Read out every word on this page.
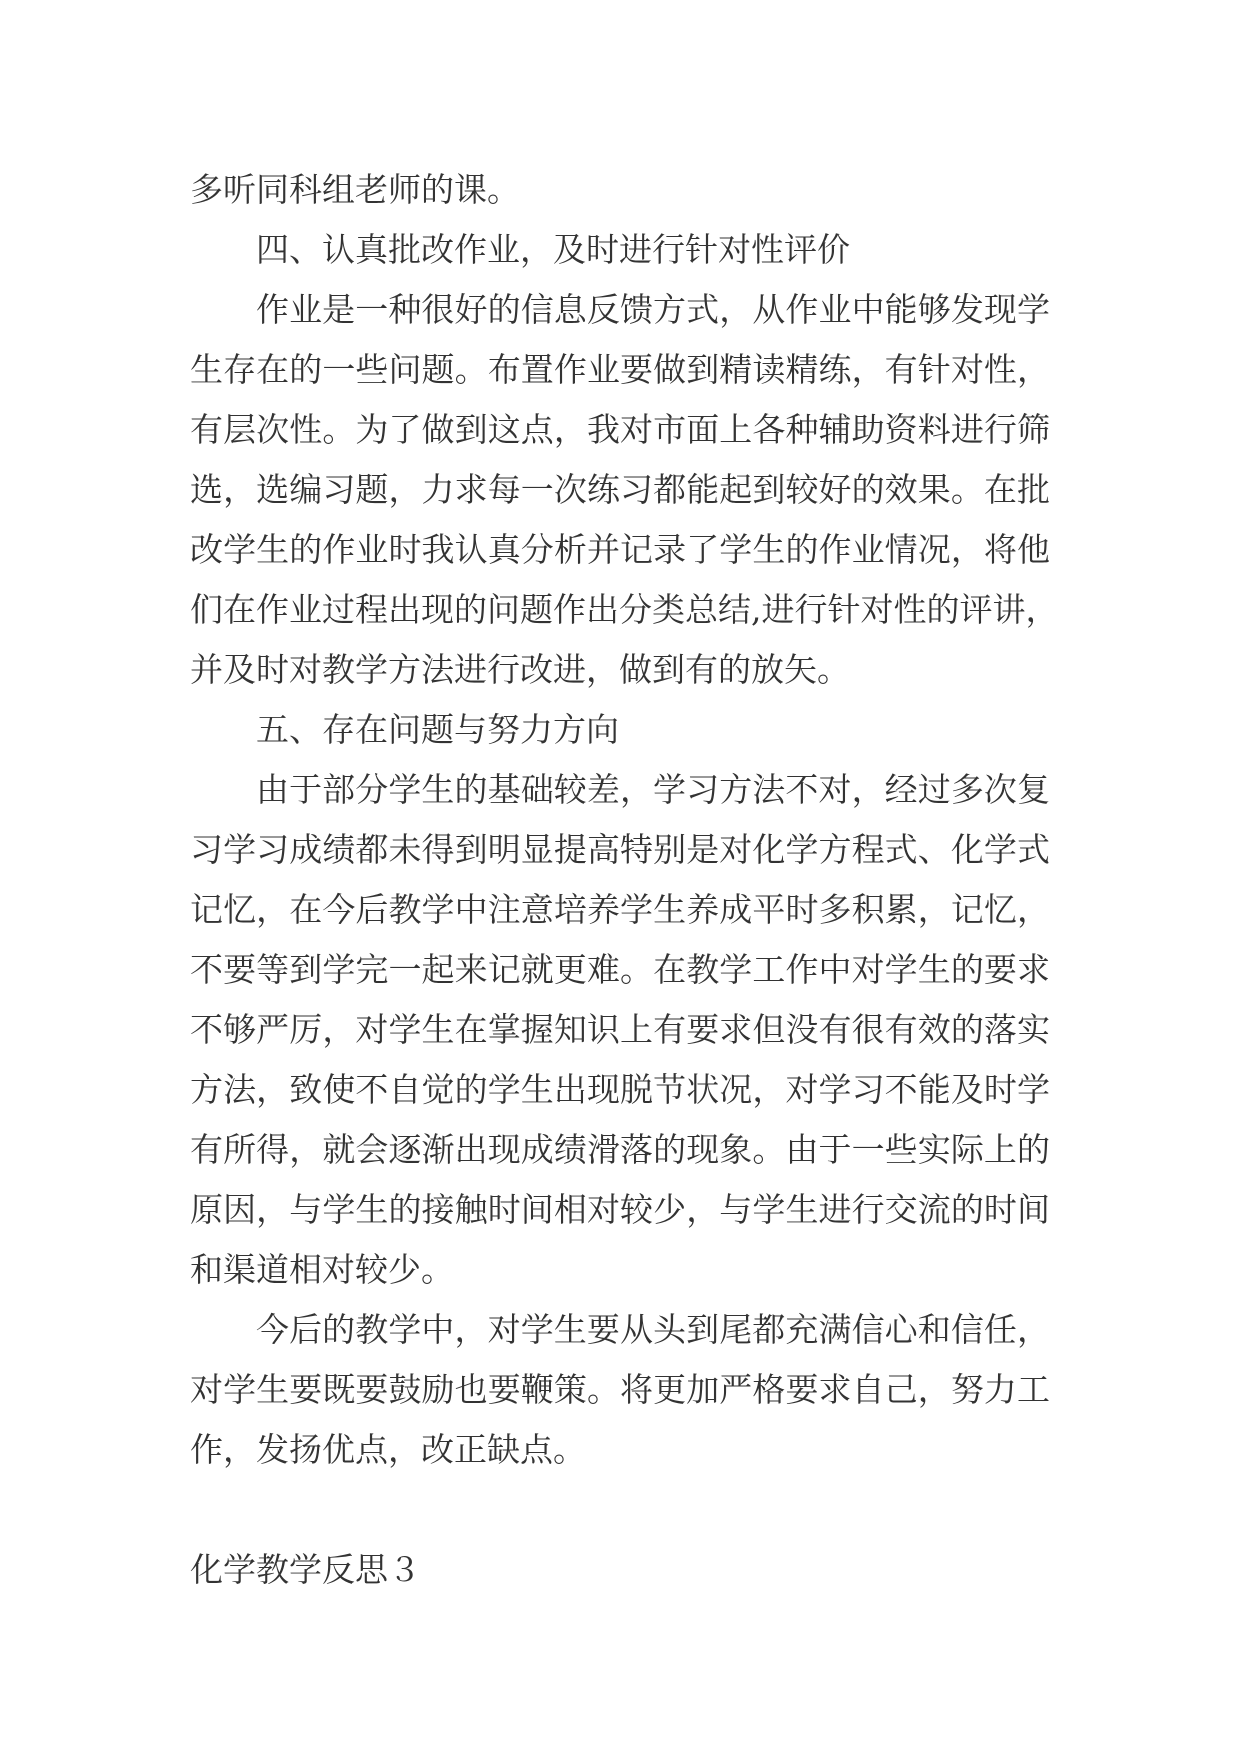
多听同科组老师的课。
四、认真批改作业，及时进行针对性评价
作业是一种很好的信息反馈方式，从作业中能够发现学
生存在的一些问题。布置作业要做到精读精练，有针对性，
有层次性。为了做到这点，我对市面上各种辅助资料进行筛
选，选编习题，力求每一次练习都能起到较好的效果。在批
改学生的作业时我认真分析并记录了学生的作业情况，将他
们在作业过程出现的问题作出分类总结,进行针对性的评讲，
并及时对教学方法进行改进，做到有的放矢。
五、存在问题与努力方向
由于部分学生的基础较差，学习方法不对，经过多次复
习学习成绩都未得到明显提高特别是对化学方程式、化学式
记忆，在今后教学中注意培养学生养成平时多积累，记忆，
不要等到学完一起来记就更难。在教学工作中对学生的要求
不够严厉，对学生在掌握知识上有要求但没有很有效的落实
方法，致使不自觉的学生出现脱节状况，对学习不能及时学
有所得，就会逐渐出现成绩滑落的现象。由于一些实际上的
原因，与学生的接触时间相对较少，与学生进行交流的时间
和渠道相对较少。
今后的教学中，对学生要从头到尾都充满信心和信任，
对学生要既要鼓励也要鞭策。将更加严格要求自己，努力工
作，发扬优点，改正缺点。
化学教学反思３
